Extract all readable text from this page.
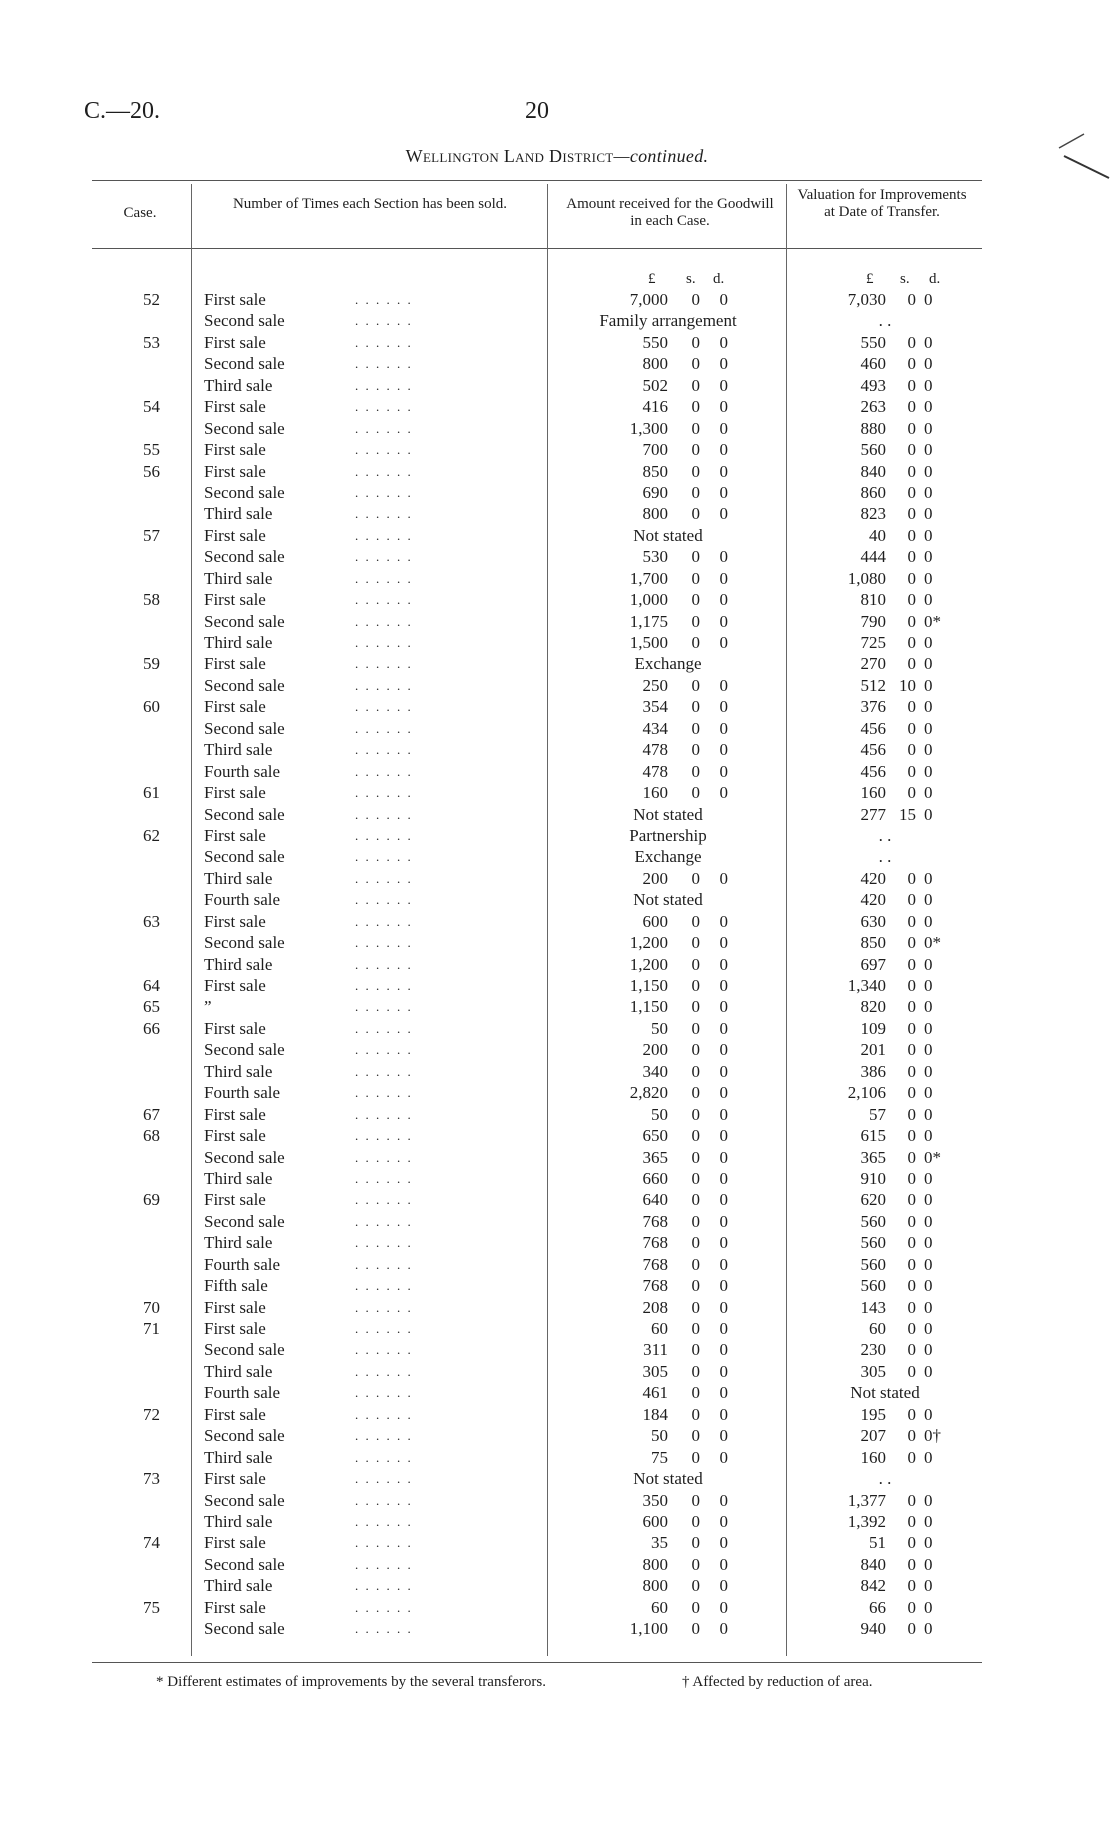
C.—20.	20
Wellington Land District—continued.
Case.
Number of Times each Section has been sold.	Amount received for the Goodwill in each Case.
Valuation for Improvements at Date of Transfer.
£ s. d.	£ s. d.
52	First sale	. . . . . .	7,000	0	0	7,030	0 0
Second sale	. . . . . .	Family arrangement	. .
53	First sale	. . . . . .	550	0	0	550	0 0
Second sale	. . . . . .	800	0	0	460	0 0
Third sale	. . . . . .	502	0	0	493	0 0
54	First sale	. . . . . .	416	0	0	263	0 0
Second sale	. . . . . .	1,300	0	0	880	0 0
55	First sale	. . . . . .	700	0	0	560	0 0
56	First sale	. . . . . .	850	0	0	840	0 0
Second sale	. . . . . .	690	0	0	860	0 0
Third sale	. . . . . .	800	0	0	823	0 0
57	First sale	. . . . . .	Not stated	40	0 0
Second sale	. . . . . .	530	0	0	444	0 0
Third sale	. . . . . .	1,700	0	0	1,080	0 0
58	First sale	. . . . . .	1,000	0	0	810	0 0
Second sale	. . . . . .	1,175	0	0	790	0 0*
Third sale	. . . . . .	1,500	0	0	725	0 0
59	First sale	. . . . . .	Exchange	270	0 0
Second sale	. . . . . .	250	0	0	512 10 0
60	First sale	. . . . . .	354	0	0	376	0 0
Second sale	. . . . . .	434	0	0	456	0 0
Third sale	. . . . . .	478	0	0	456	0 0
Fourth sale	. . . . . .	478	0	0	456	0 0
61	First sale	. . . . . .	160	0	0	160	0 0
Second sale	. . . . . .	Not stated	277 15 0
62	First sale	. . . . . .	Partnership	. .
Second sale	. . . . . .	Exchange	. .
Third sale	. . . . . .	200	0	0	420	0 0
Fourth sale	. . . . . .	Not stated	420	0 0
63	First sale	. . . . . .	600	0	0	630	0 0
Second sale	. . . . . .	1,200	0	0	850	0 0*
Third sale	. . . . . .	1,200	0	0	697	0 0
64	First sale	. . . . . .	1,150	0	0	1,340	0 0
65	”	. . . . . .	1,150	0	0	820	0 0
66	First sale	. . . . . .	50	0	0	109	0 0
Second sale	. . . . . .	200	0	0	201	0 0
Third sale	. . . . . .	340	0	0	386	0 0
Fourth sale	. . . . . .	2,820	0	0	2,106	0 0
67	First sale	. . . . . .	50	0	0	57	0 0
68	First sale	. . . . . .	650	0	0	615	0 0
Second sale	. . . . . .	365	0	0	365	0 0*
Third sale	. . . . . .	660	0	0	910	0 0
69	First sale	. . . . . .	640	0	0	620	0 0
Second sale	. . . . . .	768	0	0	560	0 0
Third sale	. . . . . .	768	0	0	560	0 0
Fourth sale	. . . . . .	768	0	0	560	0 0
Fifth sale	. . . . . .	768	0	0	560	0 0
70	First sale	. . . . . .	208	0	0	143	0 0
71	First sale	. . . . . .	60	0	0	60	0 0
Second sale	. . . . . .	311	0	0	230	0 0
Third sale	. . . . . .	305	0	0	305	0 0
Fourth sale	. . . . . .	461	0	0	Not stated
72	First sale	. . . . . .	184	0	0	195	0 0
Second sale	. . . . . .	50	0	0	207	0 0†
Third sale	. . . . . .	75	0	0	160	0 0
73	First sale	. . . . . .	Not stated	. .
Second sale	. . . . . .	350	0	0	1,377	0 0
Third sale	. . . . . .	600	0	0	1,392	0 0
74	First sale	. . . . . .	35	0	0	51	0 0
Second sale	. . . . . .	800	0	0	840	0 0
Third sale	. . . . . .	800	0	0	842	0 0
75	First sale	. . . . . .	60	0	0	66	0 0
Second sale	. . . . . .	1,100	0	0	940	0 0
* Different estimates of improvements by the several transferors.	† Affected by reduction of area.
